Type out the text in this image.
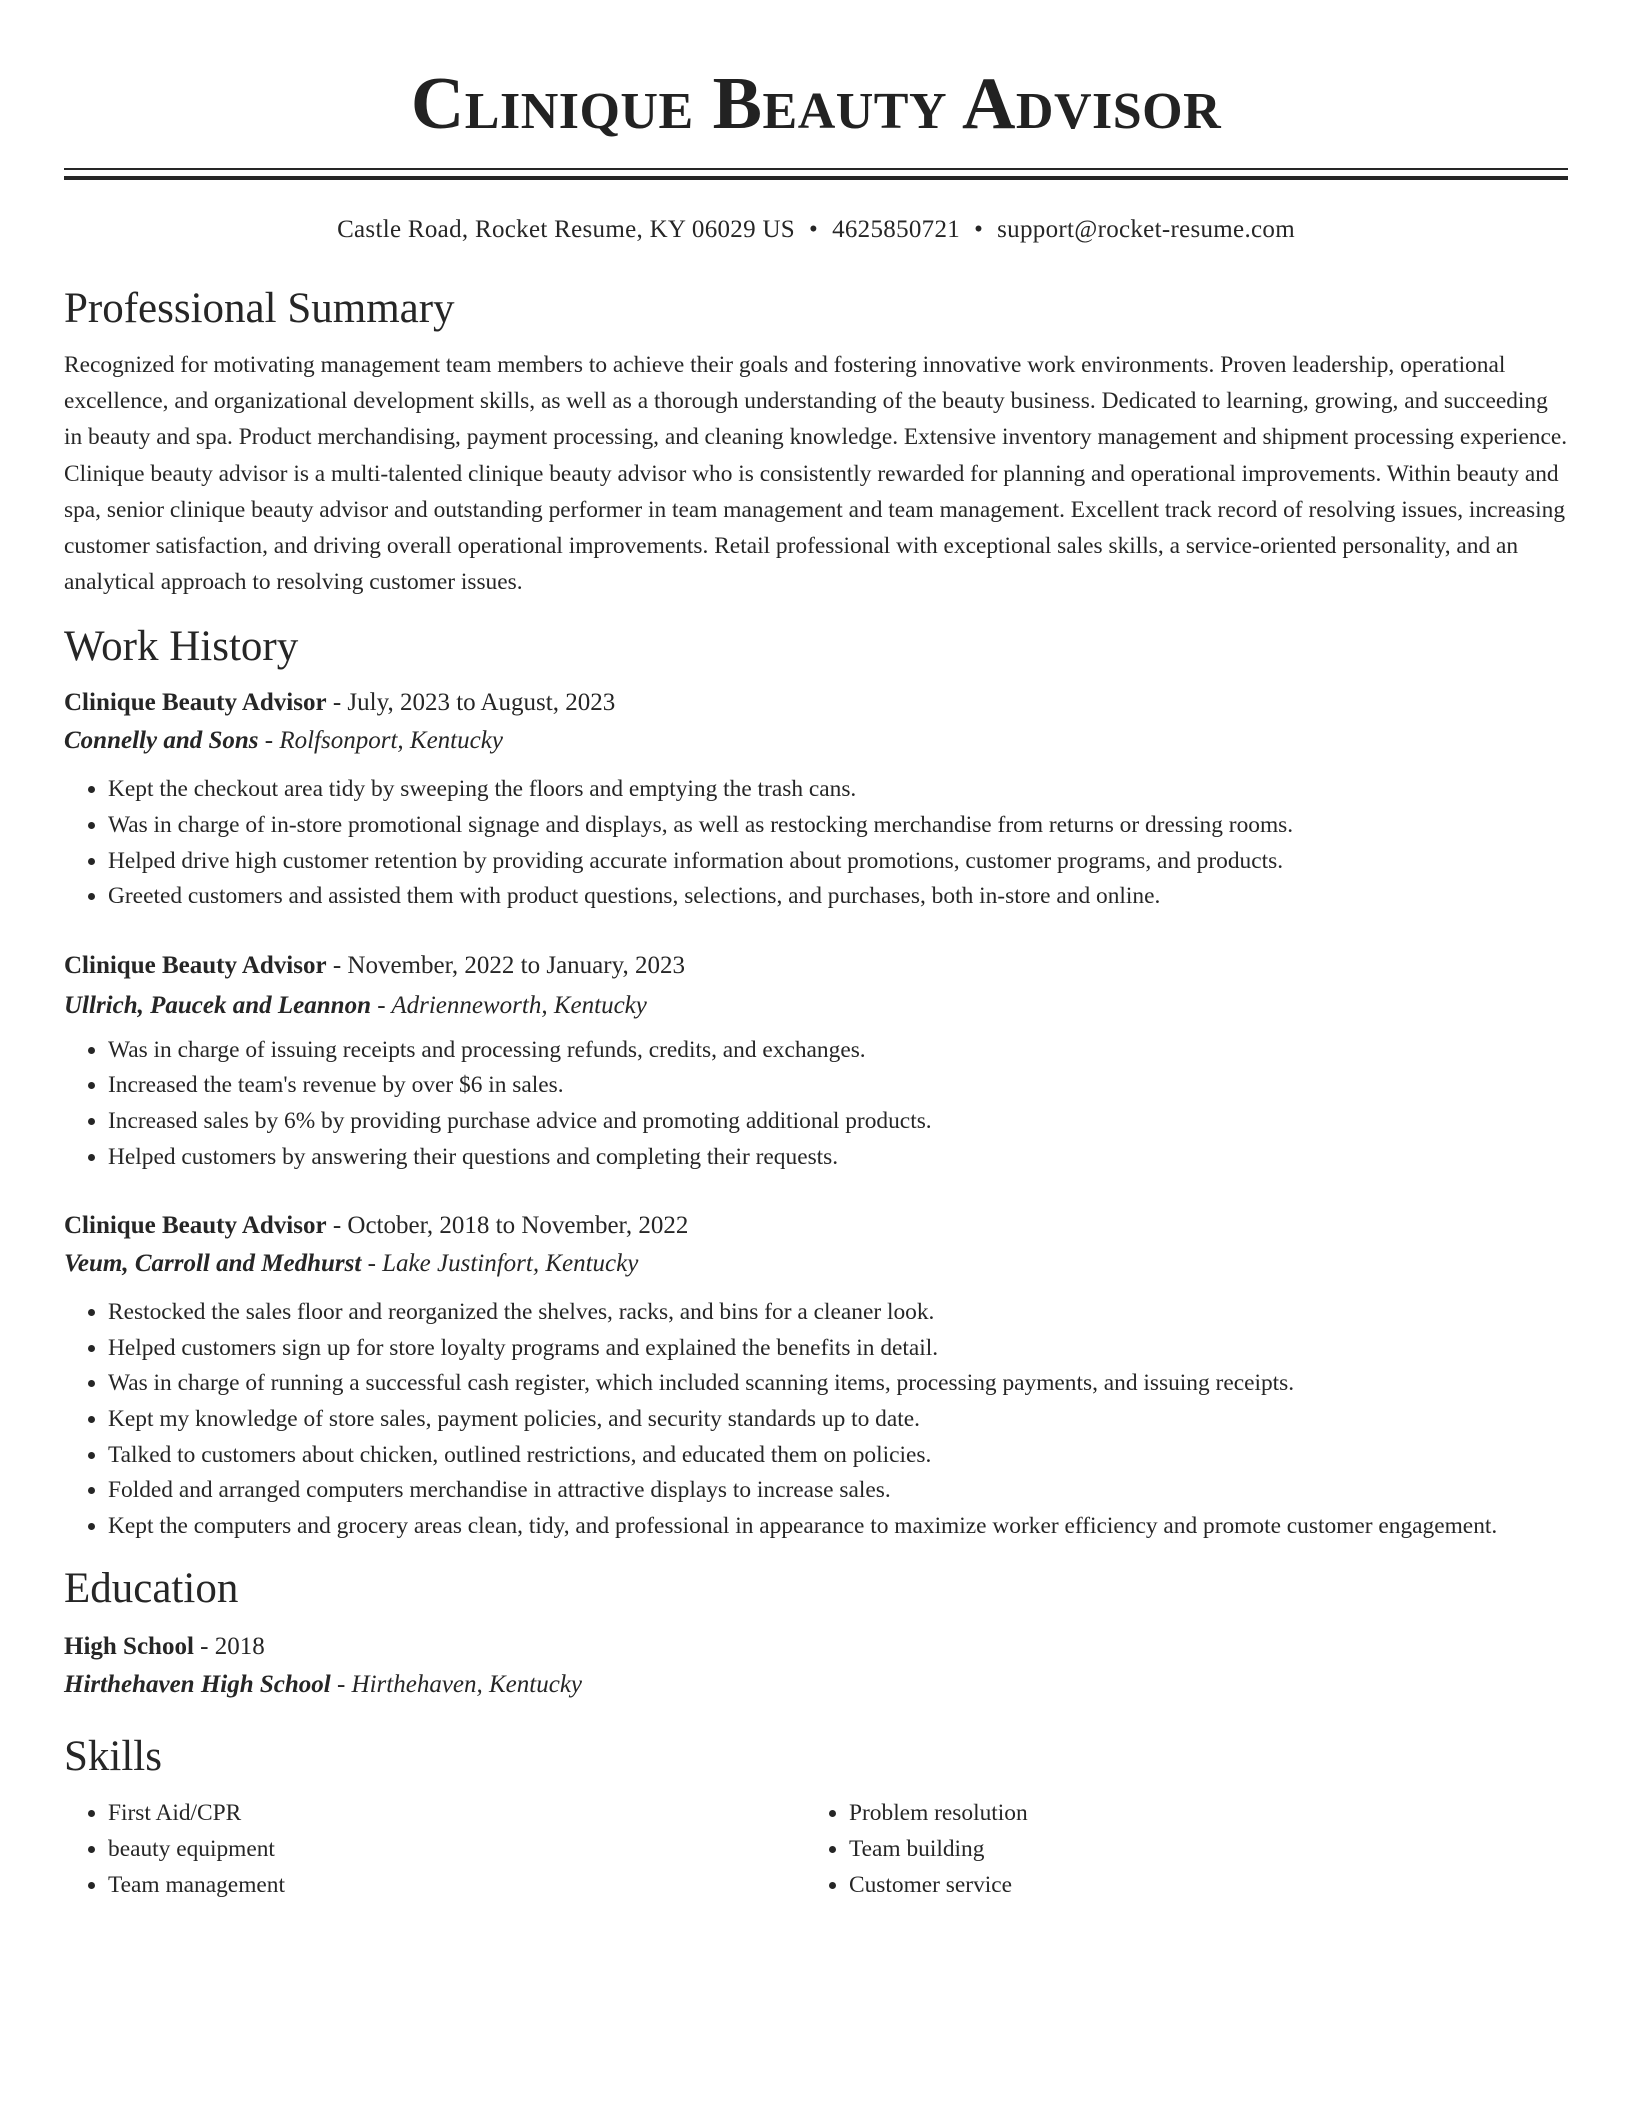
Clinique Beauty Advisor
Castle Road, Rocket Resume, KY 06029 US • 4625850721 • support@rocket-resume.com
Professional Summary
Recognized for motivating management team members to achieve their goals and fostering innovative work environments. Proven leadership, operational excellence, and organizational development skills, as well as a thorough understanding of the beauty business. Dedicated to learning, growing, and succeeding in beauty and spa. Product merchandising, payment processing, and cleaning knowledge. Extensive inventory management and shipment processing experience. Clinique beauty advisor is a multi-talented clinique beauty advisor who is consistently rewarded for planning and operational improvements. Within beauty and spa, senior clinique beauty advisor and outstanding performer in team management and team management. Excellent track record of resolving issues, increasing customer satisfaction, and driving overall operational improvements. Retail professional with exceptional sales skills, a service-oriented personality, and an analytical approach to resolving customer issues.
Work History
Clinique Beauty Advisor - July, 2023 to August, 2023
Connelly and Sons - Rolfsonport, Kentucky
• Kept the checkout area tidy by sweeping the floors and emptying the trash cans.
• Was in charge of in-store promotional signage and displays, as well as restocking merchandise from returns or dressing rooms.
• Helped drive high customer retention by providing accurate information about promotions, customer programs, and products.
• Greeted customers and assisted them with product questions, selections, and purchases, both in-store and online.
Clinique Beauty Advisor - November, 2022 to January, 2023
Ullrich, Paucek and Leannon - Adrienneworth, Kentucky
• Was in charge of issuing receipts and processing refunds, credits, and exchanges.
• Increased the team's revenue by over $6 in sales.
• Increased sales by 6% by providing purchase advice and promoting additional products.
• Helped customers by answering their questions and completing their requests.
Clinique Beauty Advisor - October, 2018 to November, 2022
Veum, Carroll and Medhurst - Lake Justinfort, Kentucky
• Restocked the sales floor and reorganized the shelves, racks, and bins for a cleaner look.
• Helped customers sign up for store loyalty programs and explained the benefits in detail.
• Was in charge of running a successful cash register, which included scanning items, processing payments, and issuing receipts.
• Kept my knowledge of store sales, payment policies, and security standards up to date.
• Talked to customers about chicken, outlined restrictions, and educated them on policies.
• Folded and arranged computers merchandise in attractive displays to increase sales.
• Kept the computers and grocery areas clean, tidy, and professional in appearance to maximize worker efficiency and promote customer engagement.
Education
High School - 2018
Hirthehaven High School - Hirthehaven, Kentucky
Skills
• First Aid/CPR
• beauty equipment
• Team management
• Problem resolution
• Team building
• Customer service
